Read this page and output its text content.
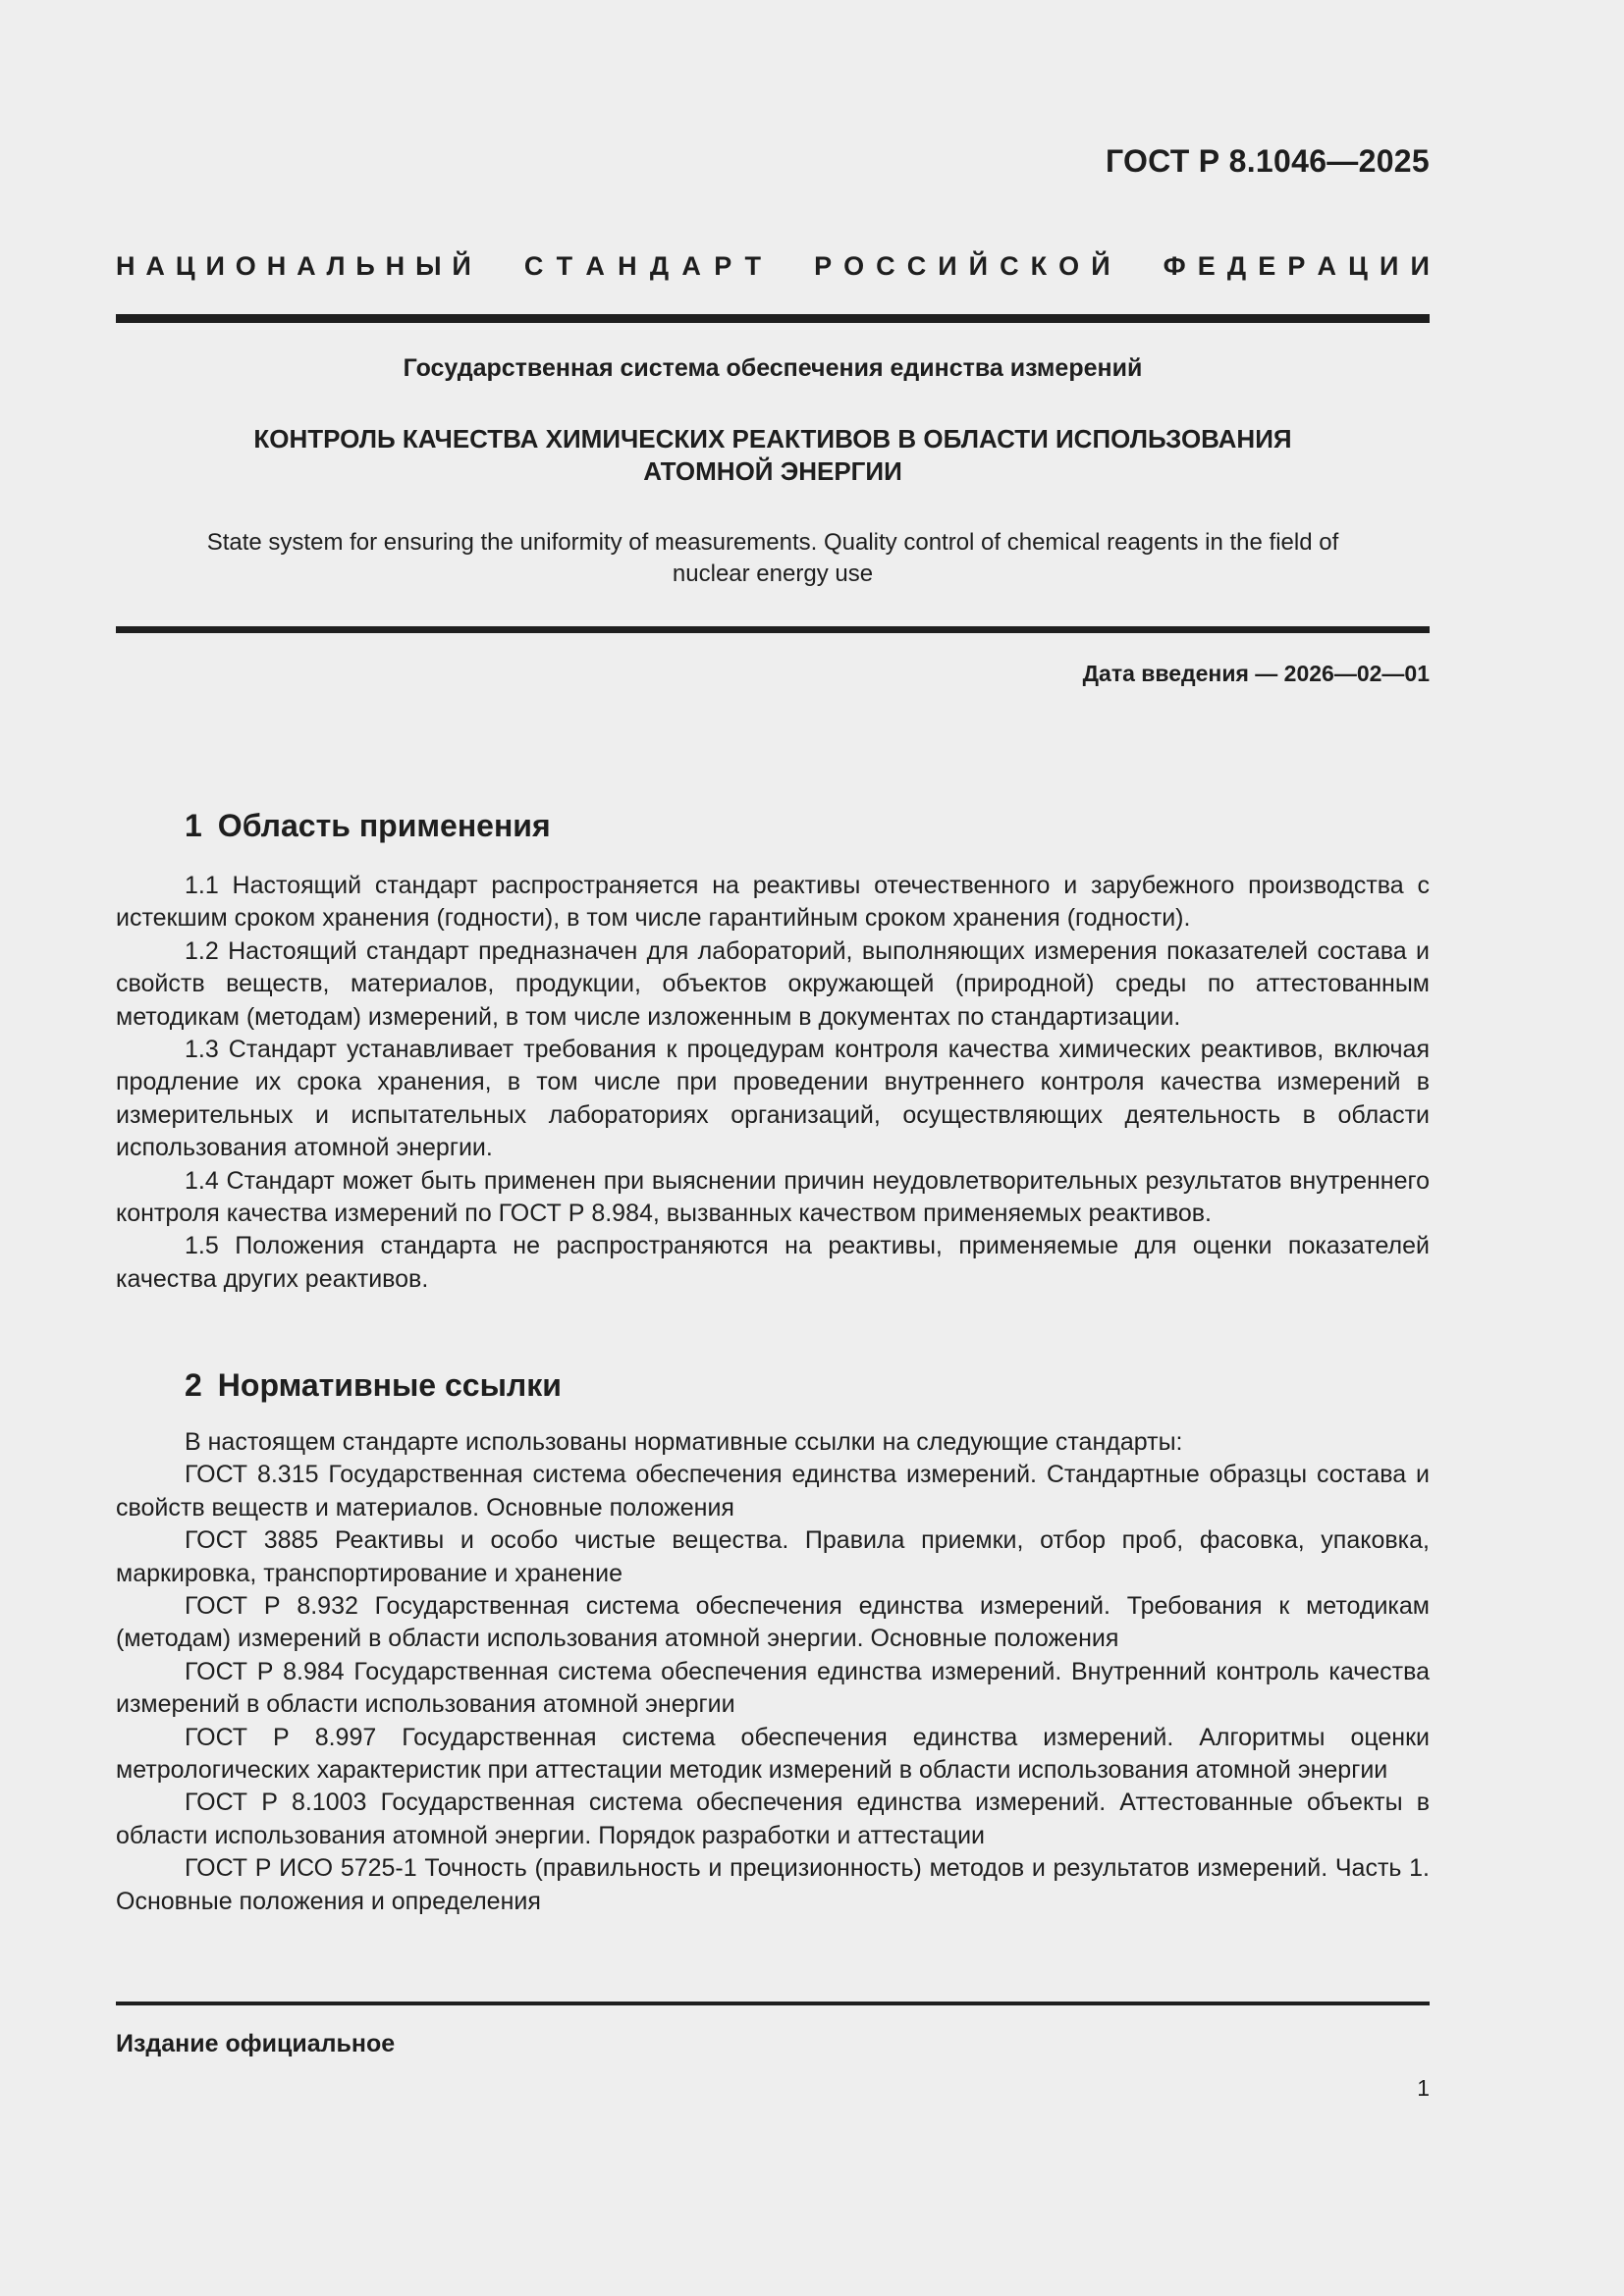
ГОСТ Р 8.1046—2025
Н А Ц И О Н А Л Ь Н Ы Й С Т А Н Д А Р Т Р О С С И Й С К О Й Ф Е Д Е Р А Ц И И
Государственная система обеспечения единства измерений
КОНТРОЛЬ КАЧЕСТВА ХИМИЧЕСКИХ РЕАКТИВОВ В ОБЛАСТИ ИСПОЛЬЗОВАНИЯ
АТОМНОЙ ЭНЕРГИИ
State system for ensuring the uniformity of measurements. Quality control of chemical reagents in the field of
nuclear energy use
Дата введения — 2026—02—01
1 Область применения

1.1 Настоящий стандарт распространяется на реактивы отечественного и зарубежного производства с истекшим сроком хранения (годности), в том числе гарантийным сроком хранения (годности).

1.2 Настоящий стандарт предназначен для лабораторий, выполняющих измерения показателей состава и свойств веществ, материалов, продукции, объектов окружающей (природной) среды по аттестованным методикам (методам) измерений, в том числе изложенным в документах по стандартизации.

1.3 Стандарт устанавливает требования к процедурам контроля качества химических реактивов, включая продление их срока хранения, в том числе при проведении внутреннего контроля качества измерений в измерительных и испытательных лабораториях организаций, осуществляющих деятельность в области использования атомной энергии.

1.4 Стандарт может быть применен при выяснении причин неудовлетворительных результатов внутреннего контроля качества измерений по ГОСТ Р 8.984, вызванных качеством применяемых реактивов.

1.5 Положения стандарта не распространяются на реактивы, применяемые для оценки показателей качества других реактивов.

2 Нормативные ссылки

В настоящем стандарте использованы нормативные ссылки на следующие стандарты:

ГОСТ 8.315 Государственная система обеспечения единства измерений. Стандартные образцы состава и свойств веществ и материалов. Основные положения

ГОСТ 3885 Реактивы и особо чистые вещества. Правила приемки, отбор проб, фасовка, упаковка, маркировка, транспортирование и хранение

ГОСТ Р 8.932 Государственная система обеспечения единства измерений. Требования к методикам (методам) измерений в области использования атомной энергии. Основные положения

ГОСТ Р 8.984 Государственная система обеспечения единства измерений. Внутренний контроль качества измерений в области использования атомной энергии

ГОСТ Р 8.997 Государственная система обеспечения единства измерений. Алгоритмы оценки метрологических характеристик при аттестации методик измерений в области использования атомной энергии

ГОСТ Р 8.1003 Государственная система обеспечения единства измерений. Аттестованные объекты в области использования атомной энергии. Порядок разработки и аттестации

ГОСТ Р ИСО 5725-1 Точность (правильность и прецизионность) методов и результатов измерений. Часть 1. Основные положения и определения

Издание официальное
1
